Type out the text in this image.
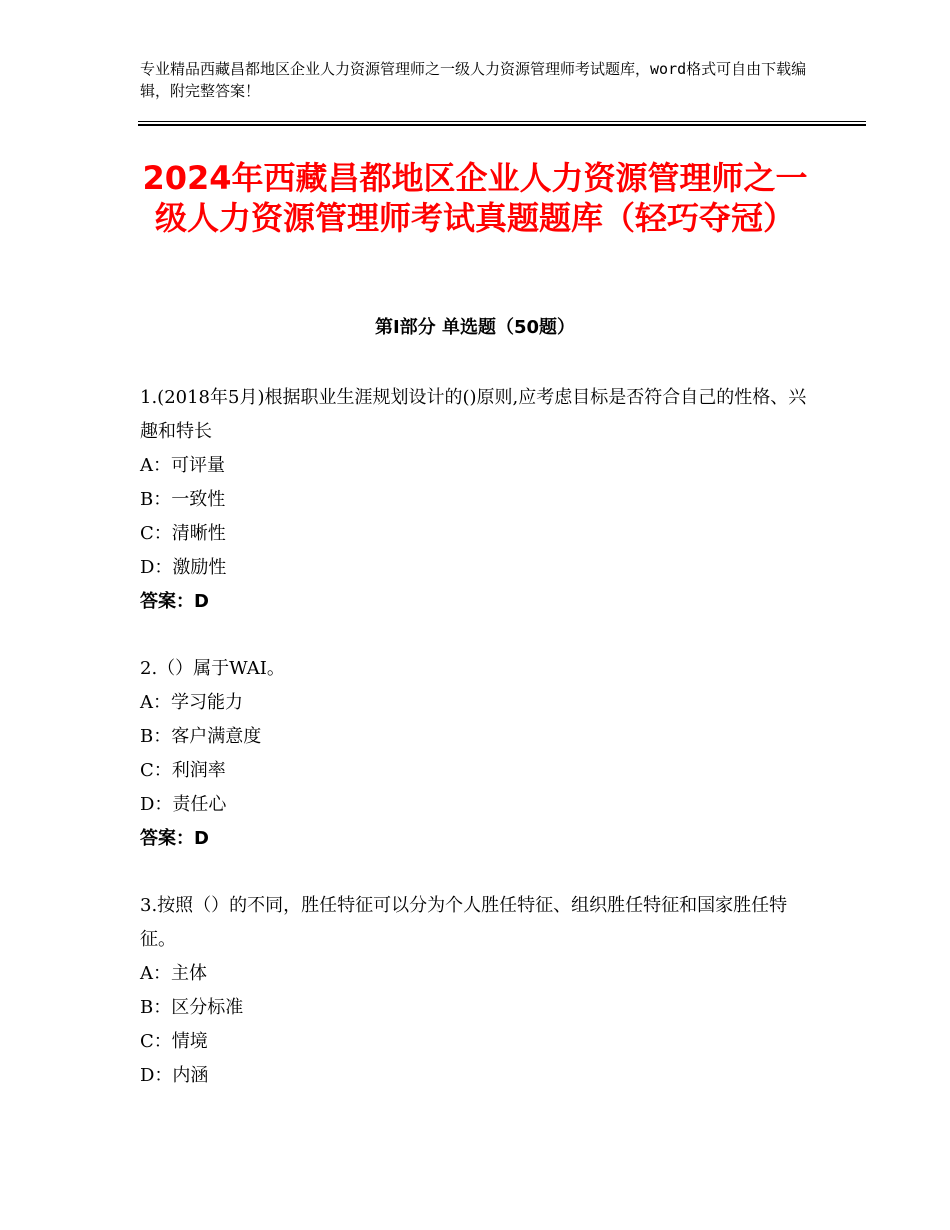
专业精品西藏昌都地区企业人力资源管理师之一级人力资源管理师考试题库，word格式可自由下载编辑，附完整答案！
2024年西藏昌都地区企业人力资源管理师之一级人力资源管理师考试真题题库（轻巧夺冠）
第Ⅰ部分 单选题（50题）
1.(2018年5月)根据职业生涯规划设计的()原则,应考虑目标是否符合自己的性格、兴趣和特长
A：可评量
B：一致性
C：清晰性
D：激励性
答案：D
2.（）属于WAI。
A：学习能力
B：客户满意度
C：利润率
D：责任心
答案：D
3.按照（）的不同，胜任特征可以分为个人胜任特征、组织胜任特征和国家胜任特征。
A：主体
B：区分标准
C：情境
D：内涵
